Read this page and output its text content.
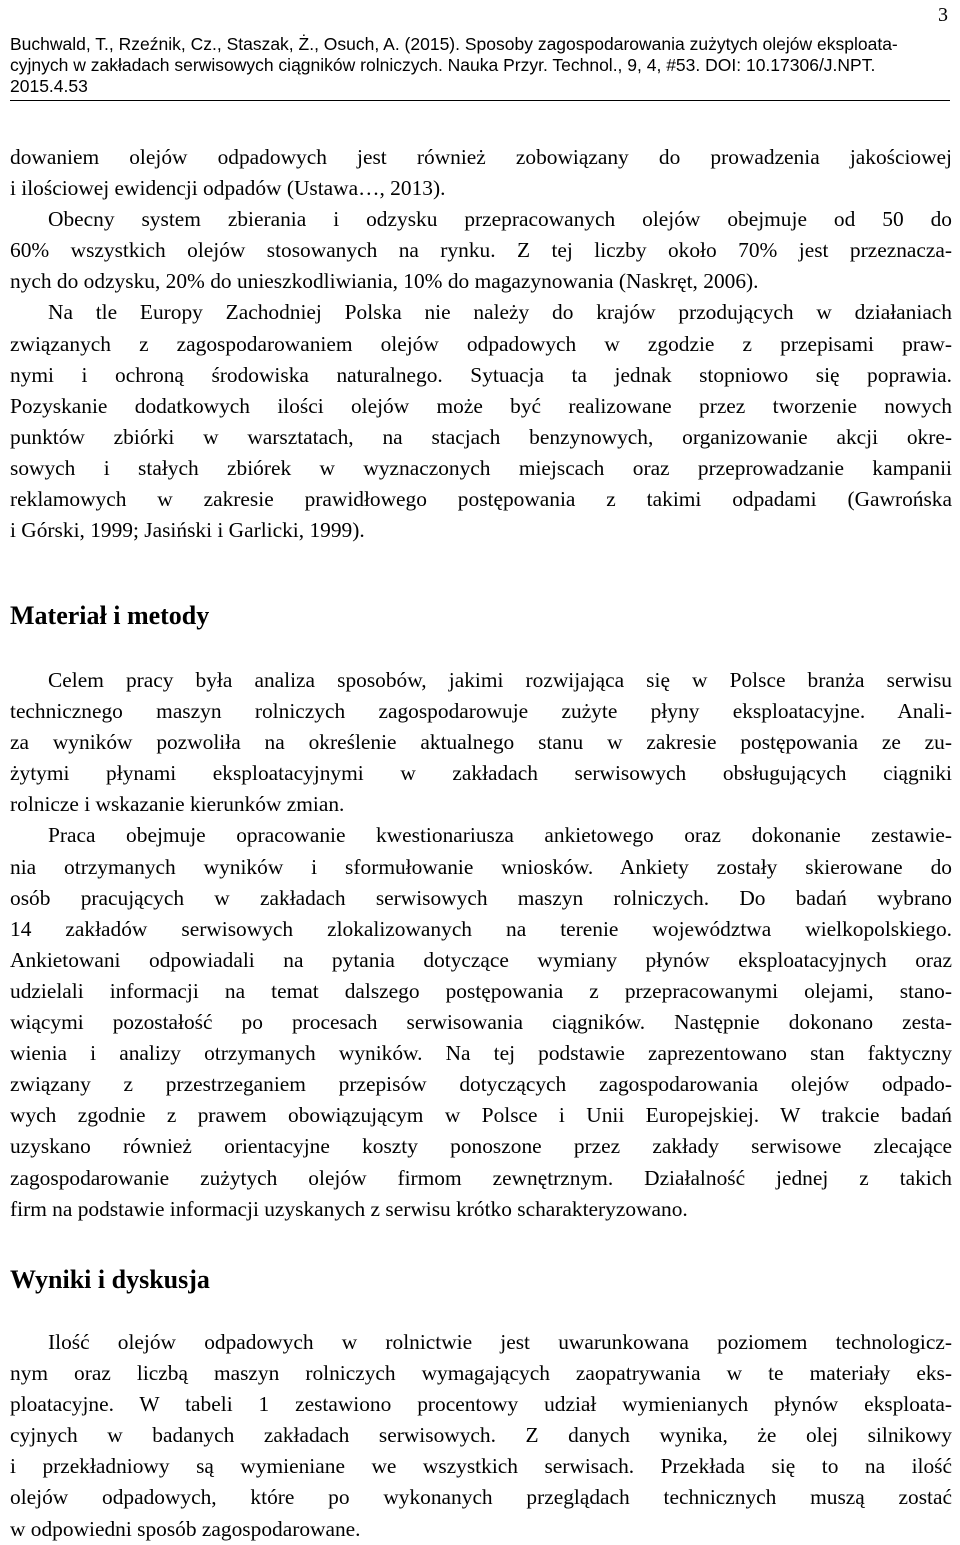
3
Buchwald, T., Rzeźnik, Cz., Staszak, Ż., Osuch, A. (2015). Sposoby zagospodarowania zużytych olejów eksploata-
cyjnych w zakładach serwisowych ciągników rolniczych. Nauka Przyr. Technol., 9, 4, #53. DOI: 10.17306/J.NPT.
2015.4.53

dowaniem olejów odpadowych jest również zobowiązany do prowadzenia jakościowej
i ilościowej ewidencji odpadów (Ustawa…, 2013).

Obecny system zbierania i odzysku przepracowanych olejów obejmuje od 50 do
60% wszystkich olejów stosowanych na rynku. Z tej liczby około 70% jest przeznacza-
nych do odzysku, 20% do unieszkodliwiania, 10% do magazynowania (Naskręt, 2006).

Na tle Europy Zachodniej Polska nie należy do krajów przodujących w działaniach
związanych z zagospodarowaniem olejów odpadowych w zgodzie z przepisami praw-
nymi i ochroną środowiska naturalnego. Sytuacja ta jednak stopniowo się poprawia.
Pozyskanie dodatkowych ilości olejów może być realizowane przez tworzenie nowych
punktów zbiórki w warsztatach, na stacjach benzynowych, organizowanie akcji okre-
sowych i stałych zbiórek w wyznaczonych miejscach oraz przeprowadzanie kampanii
reklamowych w zakresie prawidłowego postępowania z takimi odpadami (Gawrońska
i Górski, 1999; Jasiński i Garlicki, 1999).

Materiał i metody

Celem pracy była analiza sposobów, jakimi rozwijająca się w Polsce branża serwisu
technicznego maszyn rolniczych zagospodarowuje zużyte płyny eksploatacyjne. Anali-
za wyników pozwoliła na określenie aktualnego stanu w zakresie postępowania ze zu-
żytymi płynami eksploatacyjnymi w zakładach serwisowych obsługujących ciągniki
rolnicze i wskazanie kierunków zmian.

Praca obejmuje opracowanie kwestionariusza ankietowego oraz dokonanie zestawie-
nia otrzymanych wyników i sformułowanie wniosków. Ankiety zostały skierowane do
osób pracujących w zakładach serwisowych maszyn rolniczych. Do badań wybrano
14 zakładów serwisowych zlokalizowanych na terenie województwa wielkopolskiego.
Ankietowani odpowiadali na pytania dotyczące wymiany płynów eksploatacyjnych oraz
udzielali informacji na temat dalszego postępowania z przepracowanymi olejami, stano-
wiącymi pozostałość po procesach serwisowania ciągników. Następnie dokonano zesta-
wienia i analizy otrzymanych wyników. Na tej podstawie zaprezentowano stan faktyczny
związany z przestrzeganiem przepisów dotyczących zagospodarowania olejów odpado-
wych zgodnie z prawem obowiązującym w Polsce i Unii Europejskiej. W trakcie badań
uzyskano również orientacyjne koszty ponoszone przez zakłady serwisowe zlecające
zagospodarowanie zużytych olejów firmom zewnętrznym. Działalność jednej z takich
firm na podstawie informacji uzyskanych z serwisu krótko scharakteryzowano.

Wyniki i dyskusja

Ilość olejów odpadowych w rolnictwie jest uwarunkowana poziomem technologicz-
nym oraz liczbą maszyn rolniczych wymagających zaopatrywania w te materiały eks-
ploatacyjne. W tabeli 1 zestawiono procentowy udział wymienianych płynów eksploata-
cyjnych w badanych zakładach serwisowych. Z danych wynika, że olej silnikowy
i przekładniowy są wymieniane we wszystkich serwisach. Przekłada się to na ilość
olejów odpadowych, które po wykonanych przeglądach technicznych muszą zostać
w odpowiedni sposób zagospodarowane.
